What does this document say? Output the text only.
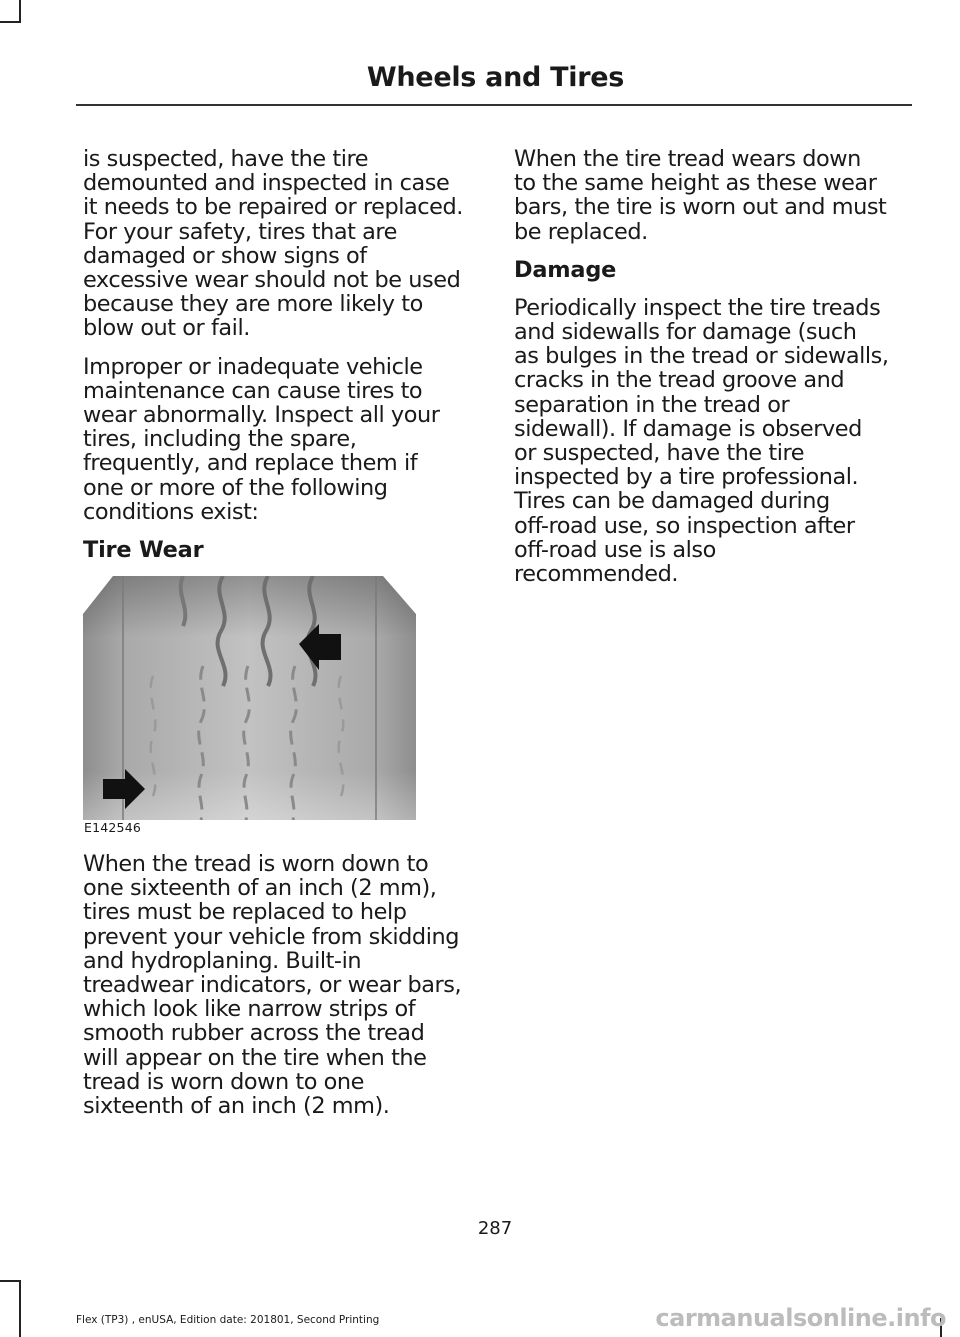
Wheels and Tires

is suspected, have the tire
demounted and inspected in case
it needs to be repaired or replaced.
For your safety, tires that are
damaged or show signs of
excessive wear should not be used
because they are more likely to
blow out or fail.

Improper or inadequate vehicle
maintenance can cause tires to
wear abnormally. Inspect all your
tires, including the spare,
frequently, and replace them if
one or more of the following
conditions exist:

Tire Wear
E142546

When the tread is worn down to
one sixteenth of an inch (2 mm),
tires must be replaced to help
prevent your vehicle from skidding
and hydroplaning. Built-in
treadwear indicators, or wear bars,
which look like narrow strips of
smooth rubber across the tread
will appear on the tire when the
tread is worn down to one
sixteenth of an inch (2 mm).

When the tire tread wears down
to the same height as these wear
bars, the tire is worn out and must
be replaced.

Damage

Periodically inspect the tire treads
and sidewalls for damage (such
as bulges in the tread or sidewalls,
cracks in the tread groove and
separation in the tread or
sidewall). If damage is observed
or suspected, have the tire
inspected by a tire professional.
Tires can be damaged during
off-road use, so inspection after
off-road use is also
recommended.

287
Flex (TP3) , enUSA, Edition date: 201801, Second Printing	carmanualsonline.info
